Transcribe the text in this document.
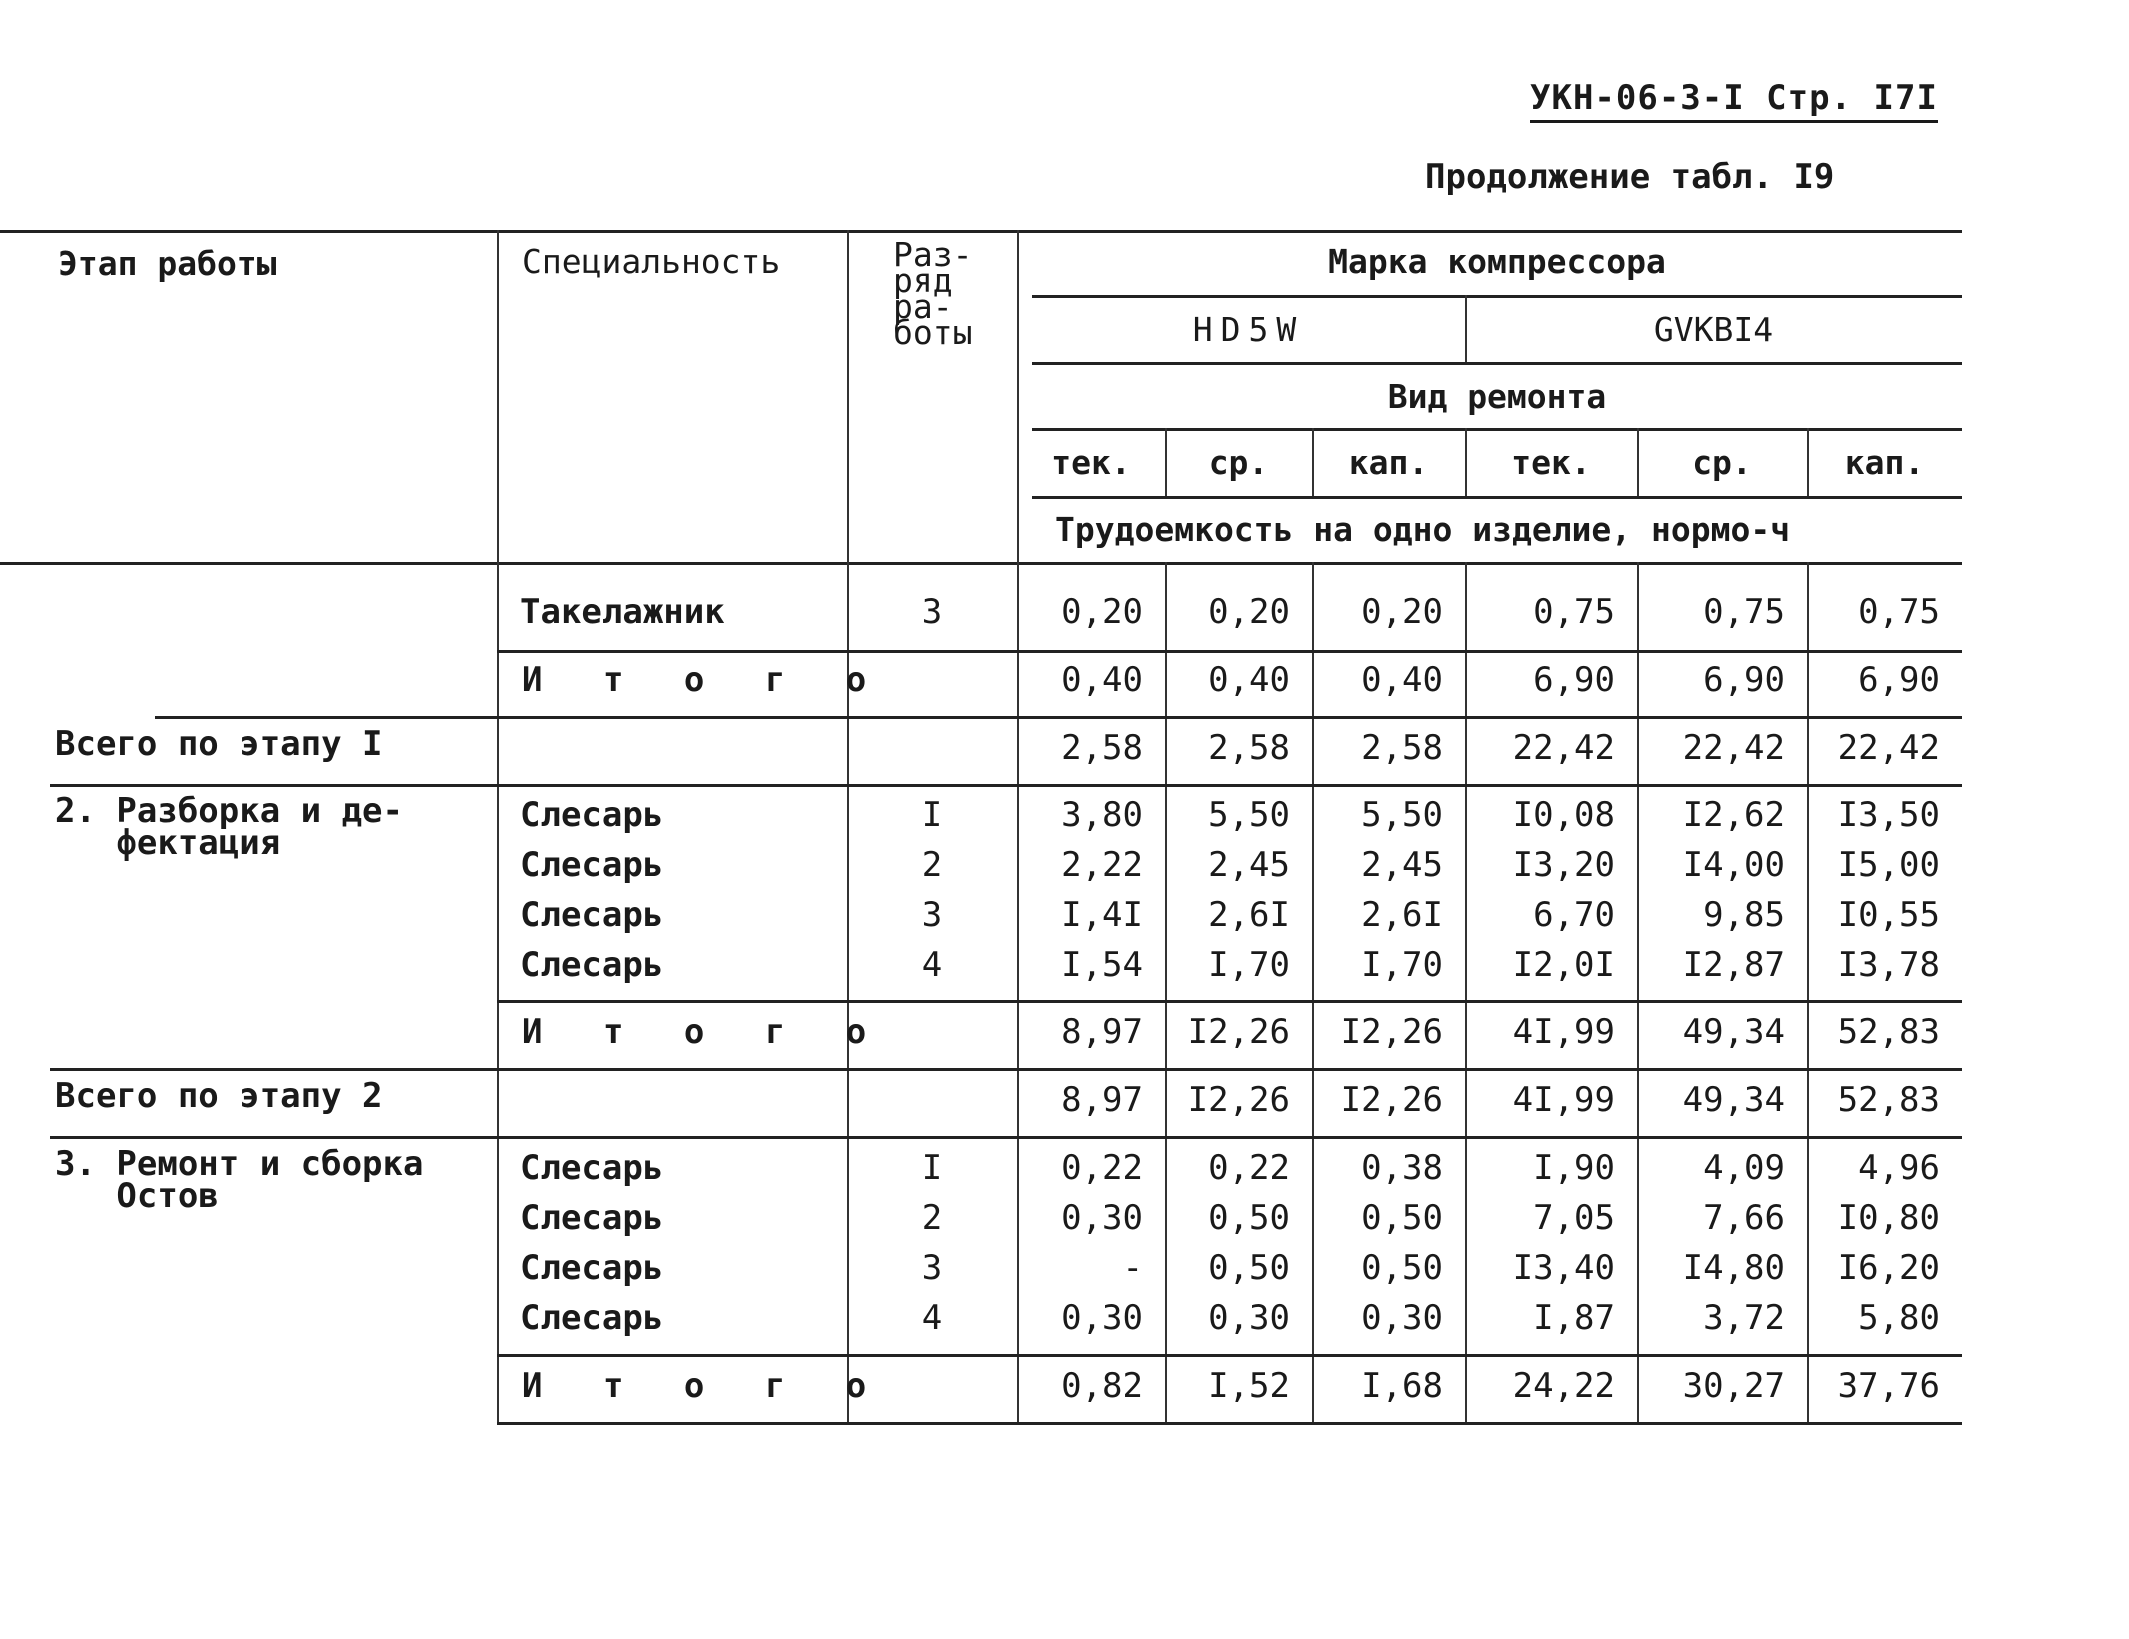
УКН-06-3-I Стр. I7I
Продолжение табл. I9
Этап работы	Специальность	Раз-
ряд
ра-
боты
Марка компрессора
HD5W	GVKBI4
Вид ремонта
тек.	ср.	кап.	тек.	ср.	кап.
Трудоемкость на одно изделие, нормо-ч
Такелажник	3	0,20	0,20	0,20	0,75	0,75	0,75
И т о г о	0,40	0,40	0,40	6,90	6,90	6,90
Всего по этапу I	2,58	2,58	2,58	22,42	22,42	22,42
2. Разборка и де-
фектация
Слесарь	I	3,80	5,50	5,50	I0,08	I2,62	I3,50
Слесарь	2	2,22	2,45	2,45	I3,20	I4,00	I5,00
Слесарь	3	I,4I	2,6I	2,6I	6,70	9,85	I0,55
Слесарь	4	I,54	I,70	I,70	I2,0I	I2,87	I3,78
И т о г о	8,97	I2,26	I2,26	4I,99	49,34	52,83
Всего по этапу 2	8,97	I2,26	I2,26	4I,99	49,34	52,83
3. Ремонт и сборка
Остов
Слесарь	I	0,22	0,22	0,38	I,90	4,09	4,96
Слесарь	2	0,30	0,50	0,50	7,05	7,66	I0,80
Слесарь	3	-	0,50	0,50	I3,40	I4,80	I6,20
Слесарь	4	0,30	0,30	0,30	I,87	3,72	5,80
И т о г о	0,82	I,52	I,68	24,22	30,27	37,76
